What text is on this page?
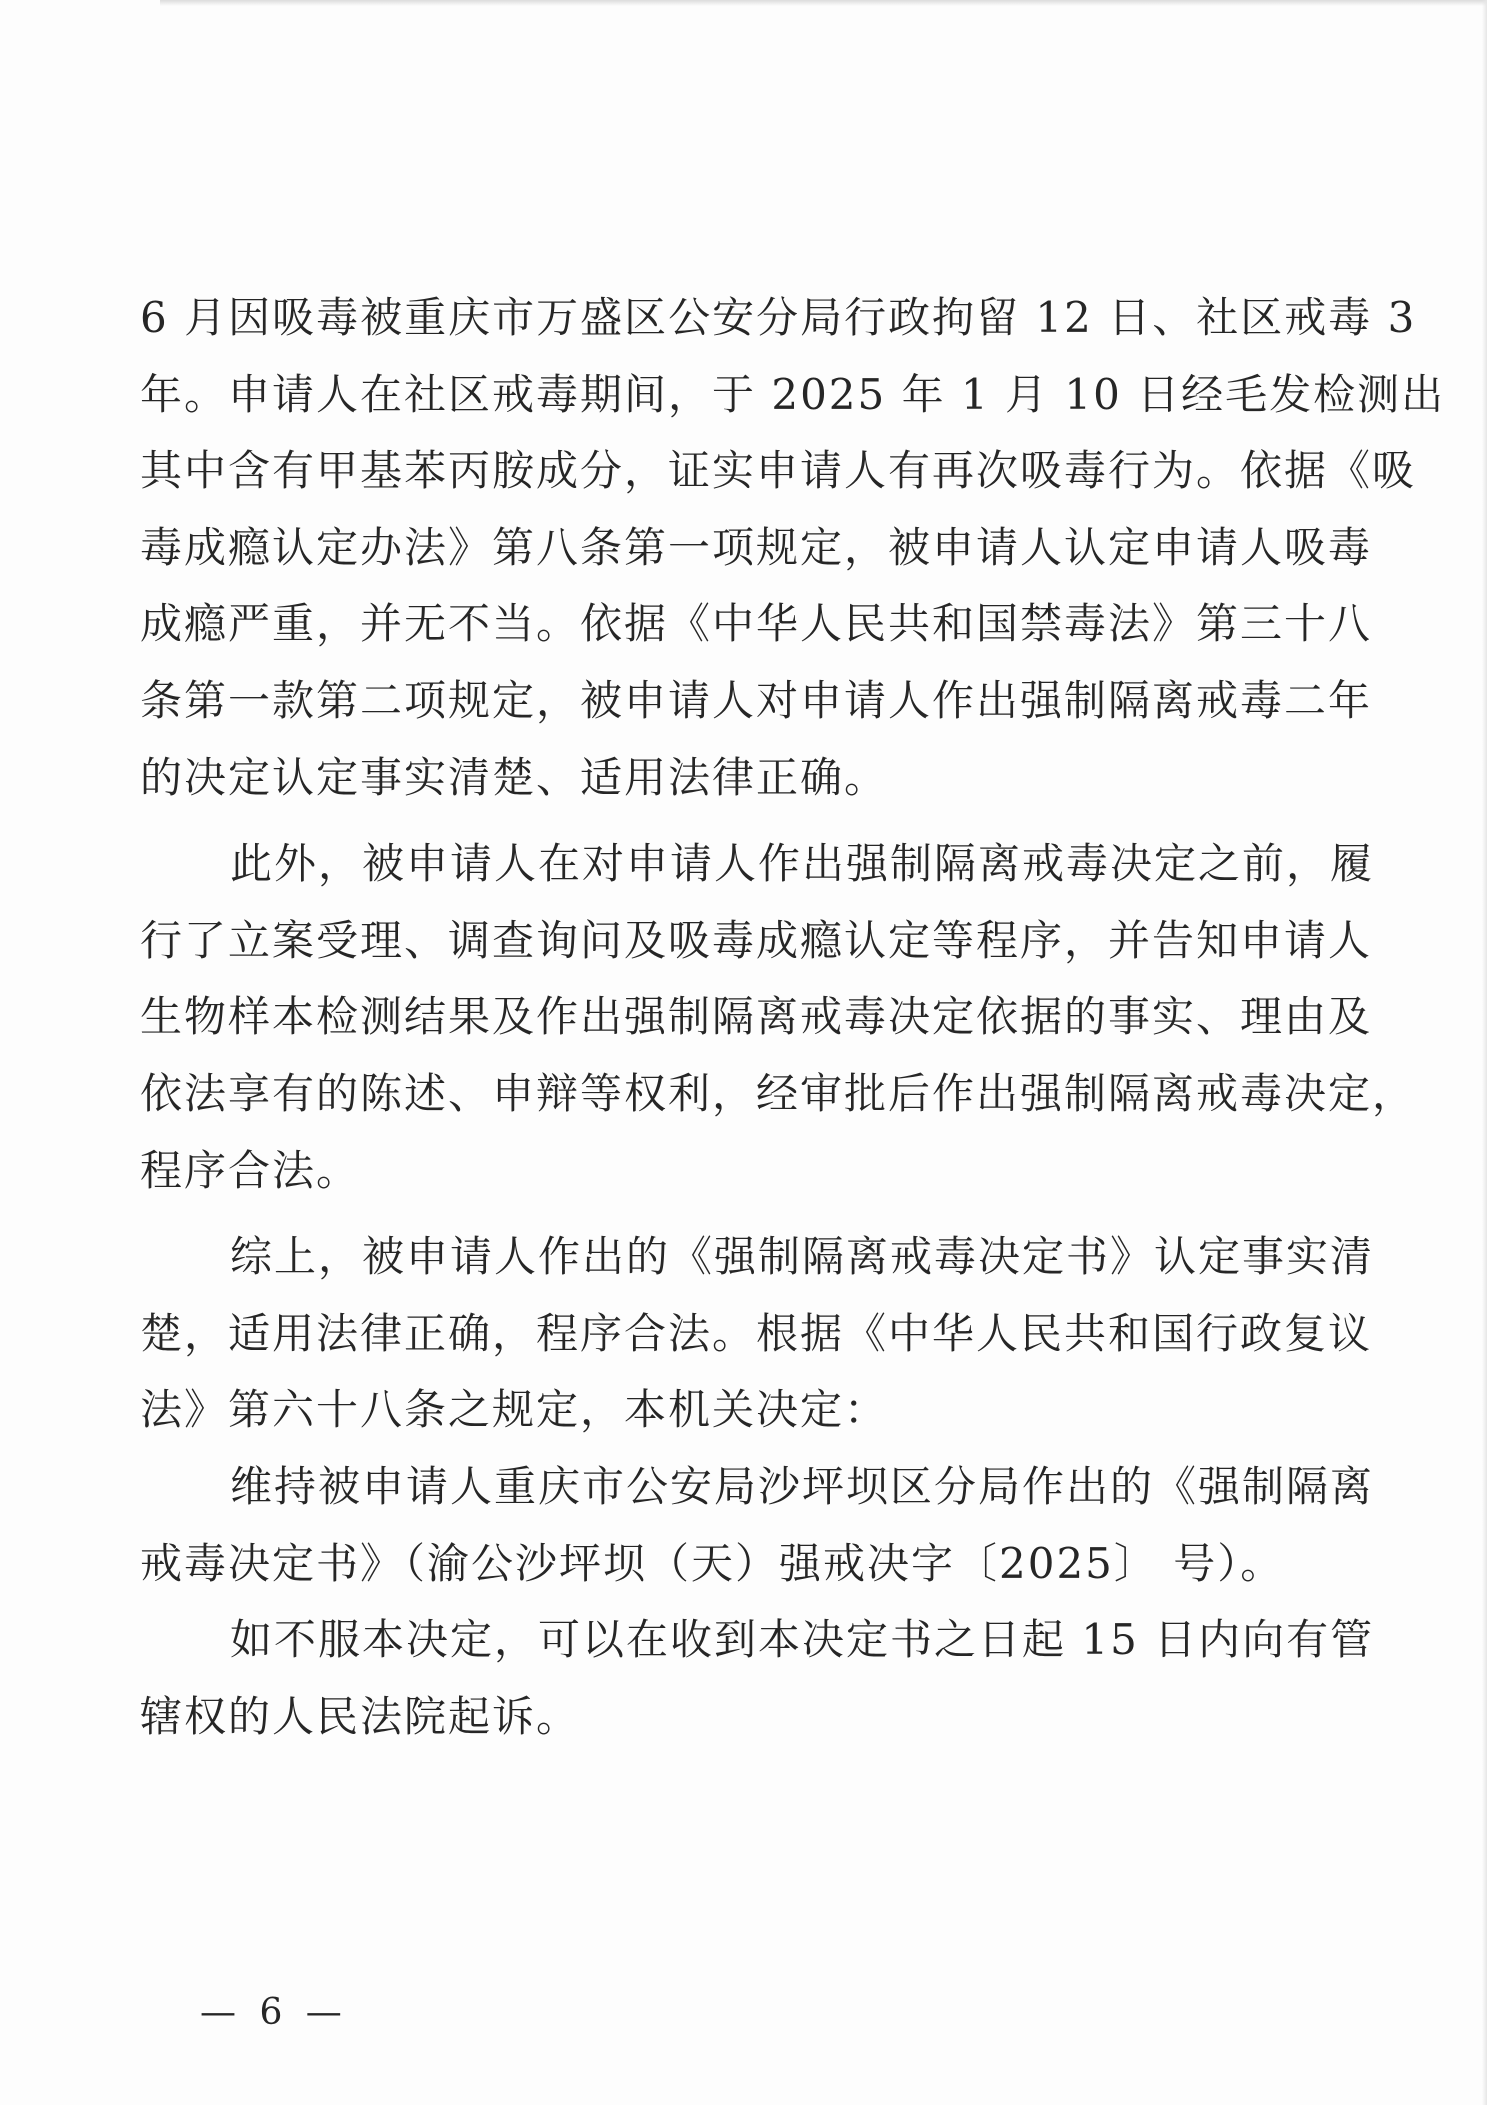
6 月因吸毒被重庆市万盛区公安分局行政拘留 12 日、社区戒毒 3
年。申请人在社区戒毒期间，于 2025 年 1 月 10 日经毛发检测出
其中含有甲基苯丙胺成分，证实申请人有再次吸毒行为。依据《吸
毒成瘾认定办法》第八条第一项规定，被申请人认定申请人吸毒
成瘾严重，并无不当。依据《中华人民共和国禁毒法》第三十八
条第一款第二项规定，被申请人对申请人作出强制隔离戒毒二年
的决定认定事实清楚、适用法律正确。
此外，被申请人在对申请人作出强制隔离戒毒决定之前，履
行了立案受理、调查询问及吸毒成瘾认定等程序，并告知申请人
生物样本检测结果及作出强制隔离戒毒决定依据的事实、理由及
依法享有的陈述、申辩等权利，经审批后作出强制隔离戒毒决定，
程序合法。
综上，被申请人作出的《强制隔离戒毒决定书》认定事实清
楚，适用法律正确，程序合法。根据《中华人民共和国行政复议
法》第六十八条之规定，本机关决定：
维持被申请人重庆市公安局沙坪坝区分局作出的《强制隔离
戒毒决定书》（渝公沙坪坝（天）强戒决字〔2025〕 号）。
如不服本决定，可以在收到本决定书之日起 15 日内向有管
辖权的人民法院起诉。
— 6 —
